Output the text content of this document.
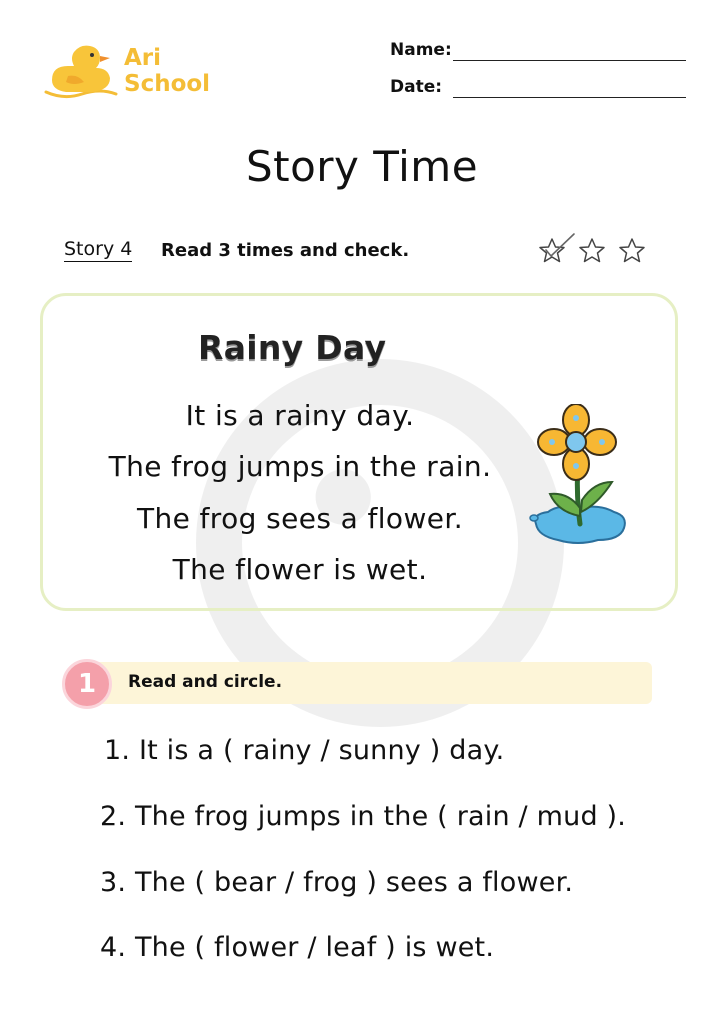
Ari
School
Name:
Date:
Story Time
Story 4 Read 3 times and check.
Rainy Day
It is a rainy day.
The frog jumps in the rain.
The frog sees a flower.
The flower is wet.
1	Read and circle.
1. It is a ( rainy / sunny ) day.
2. The frog jumps in the ( rain / mud ).
3. The ( bear / frog ) sees a flower.
4. The ( flower / leaf ) is wet.
